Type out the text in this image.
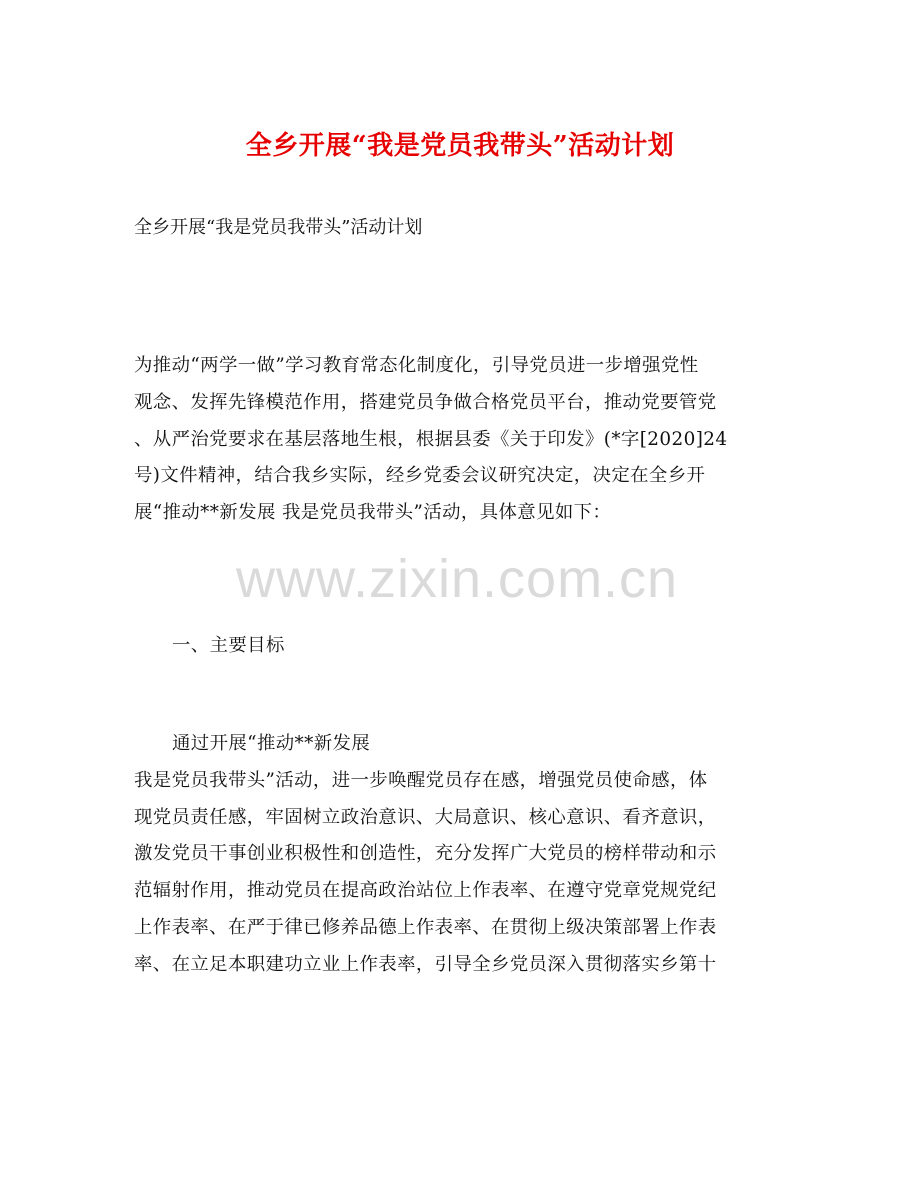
全乡开展“我是党员我带头”活动计划
全乡开展“我是党员我带头”活动计划
为推动“两学一做”学习教育常态化制度化，引导党员进一步增强党性
观念、发挥先锋模范作用，搭建党员争做合格党员平台，推动党要管党
、从严治党要求在基层落地生根，根据县委《关于印发》(*字[2020]24
号)文件精神，结合我乡实际，经乡党委会议研究决定，决定在全乡开
展“推动**新发展 我是党员我带头”活动，具体意见如下：
www.zixin.com.cn
一、主要目标
通过开展“推动**新发展
我是党员我带头”活动，进一步唤醒党员存在感，增强党员使命感，体
现党员责任感，牢固树立政治意识、大局意识、核心意识、看齐意识，
激发党员干事创业积极性和创造性，充分发挥广大党员的榜样带动和示
范辐射作用，推动党员在提高政治站位上作表率、在遵守党章党规党纪
上作表率、在严于律已修养品德上作表率、在贯彻上级决策部署上作表
率、在立足本职建功立业上作表率，引导全乡党员深入贯彻落实乡第十
